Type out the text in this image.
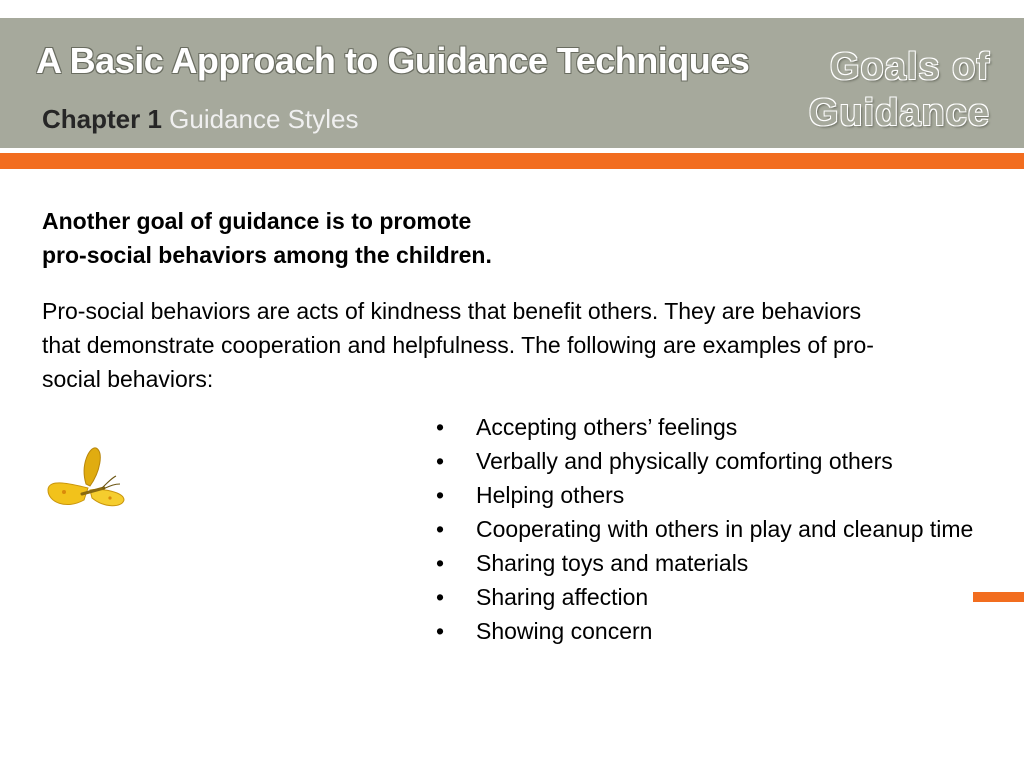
A Basic Approach to Guidance Techniques
Chapter 1 Guidance Styles
Goals of
Guidance
Another goal of guidance is to promote
pro-social behaviors among the children.
Pro-social behaviors are acts of kindness that benefit others. They are behaviors that demonstrate cooperation and helpfulness. The following are examples of pro-social behaviors:
• Accepting others’ feelings
• Verbally and physically comforting others
• Helping others
• Cooperating with others in play and cleanup time
• Sharing toys and materials
• Sharing affection
• Showing concern
